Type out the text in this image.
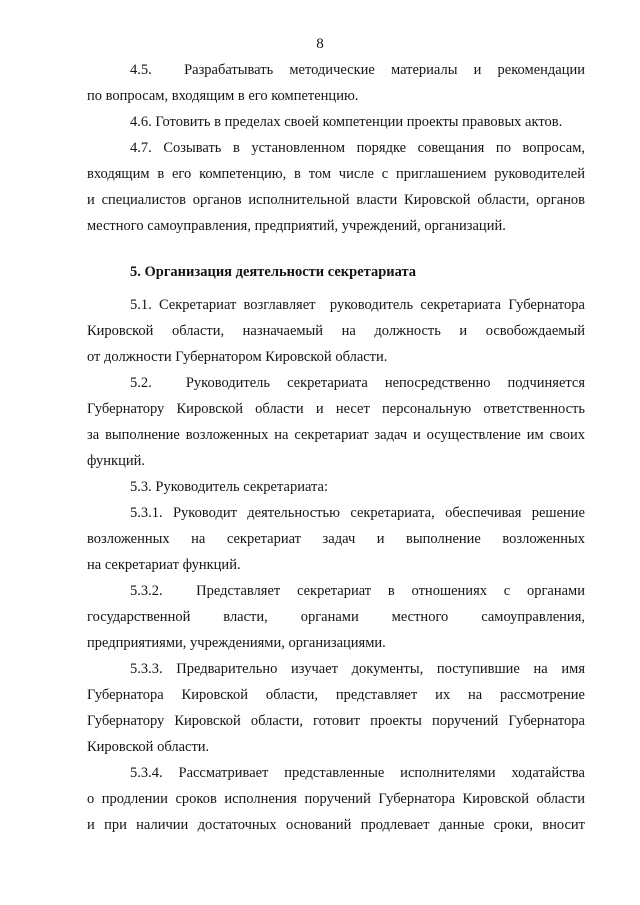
8

4.5.  Разрабатывать методические материалы и рекомендации

по вопросам, входящим в его компетенцию.

4.6. Готовить в пределах своей компетенции проекты правовых актов.

4.7. Созывать в установленном порядке совещания по вопросам,

входящим в его компетенцию, в том числе с приглашением руководителей

и специалистов органов исполнительной власти Кировской области, органов

местного самоуправления, предприятий, учреждений, организаций.

5. Организация деятельности секретариата

5.1. Секретариат возглавляет  руководитель секретариата Губернатора

Кировской области, назначаемый на должность и освобождаемый

от должности Губернатором Кировской области.

5.2.  Руководитель секретариата непосредственно подчиняется

Губернатору Кировской области и несет персональную ответственность

за выполнение возложенных на секретариат задач и осуществление им своих

функций.

5.3. Руководитель секретариата:

5.3.1. Руководит деятельностью секретариата, обеспечивая решение

возложенных на секретариат задач и выполнение возложенных

на секретариат функций.

5.3.2.  Представляет секретариат в отношениях с органами

государственной власти, органами местного самоуправления,

предприятиями, учреждениями, организациями.

5.3.3. Предварительно изучает документы, поступившие на имя

Губернатора Кировской области, представляет их на рассмотрение

Губернатору Кировской области, готовит проекты поручений Губернатора

Кировской области.

5.3.4. Рассматривает представленные исполнителями ходатайства

о продлении сроков исполнения поручений Губернатора Кировской области

и при наличии достаточных оснований продлевает данные сроки, вносит
